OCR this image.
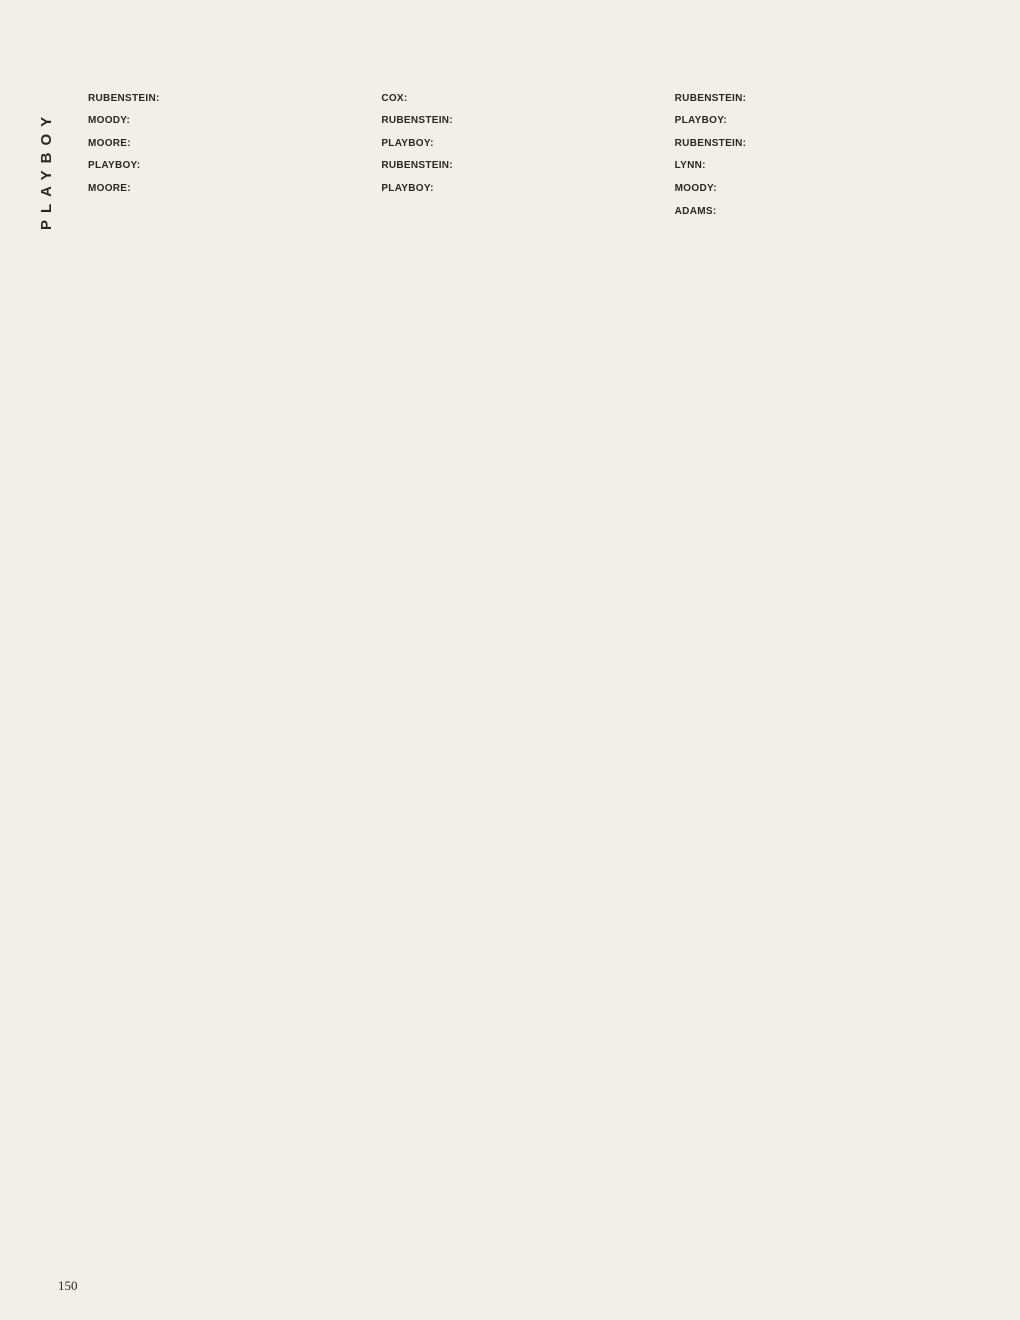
PLAYBOY

RUBENSTEIN:

MOODY:

MOORE:

PLAYBOY:

MOORE:

COX:

RUBENSTEIN:

PLAYBOY:

RUBENSTEIN:

PLAYBOY:

RUBENSTEIN:

PLAYBOY:

RUBENSTEIN:

LYNN:

MOODY:

ADAMS:

150
